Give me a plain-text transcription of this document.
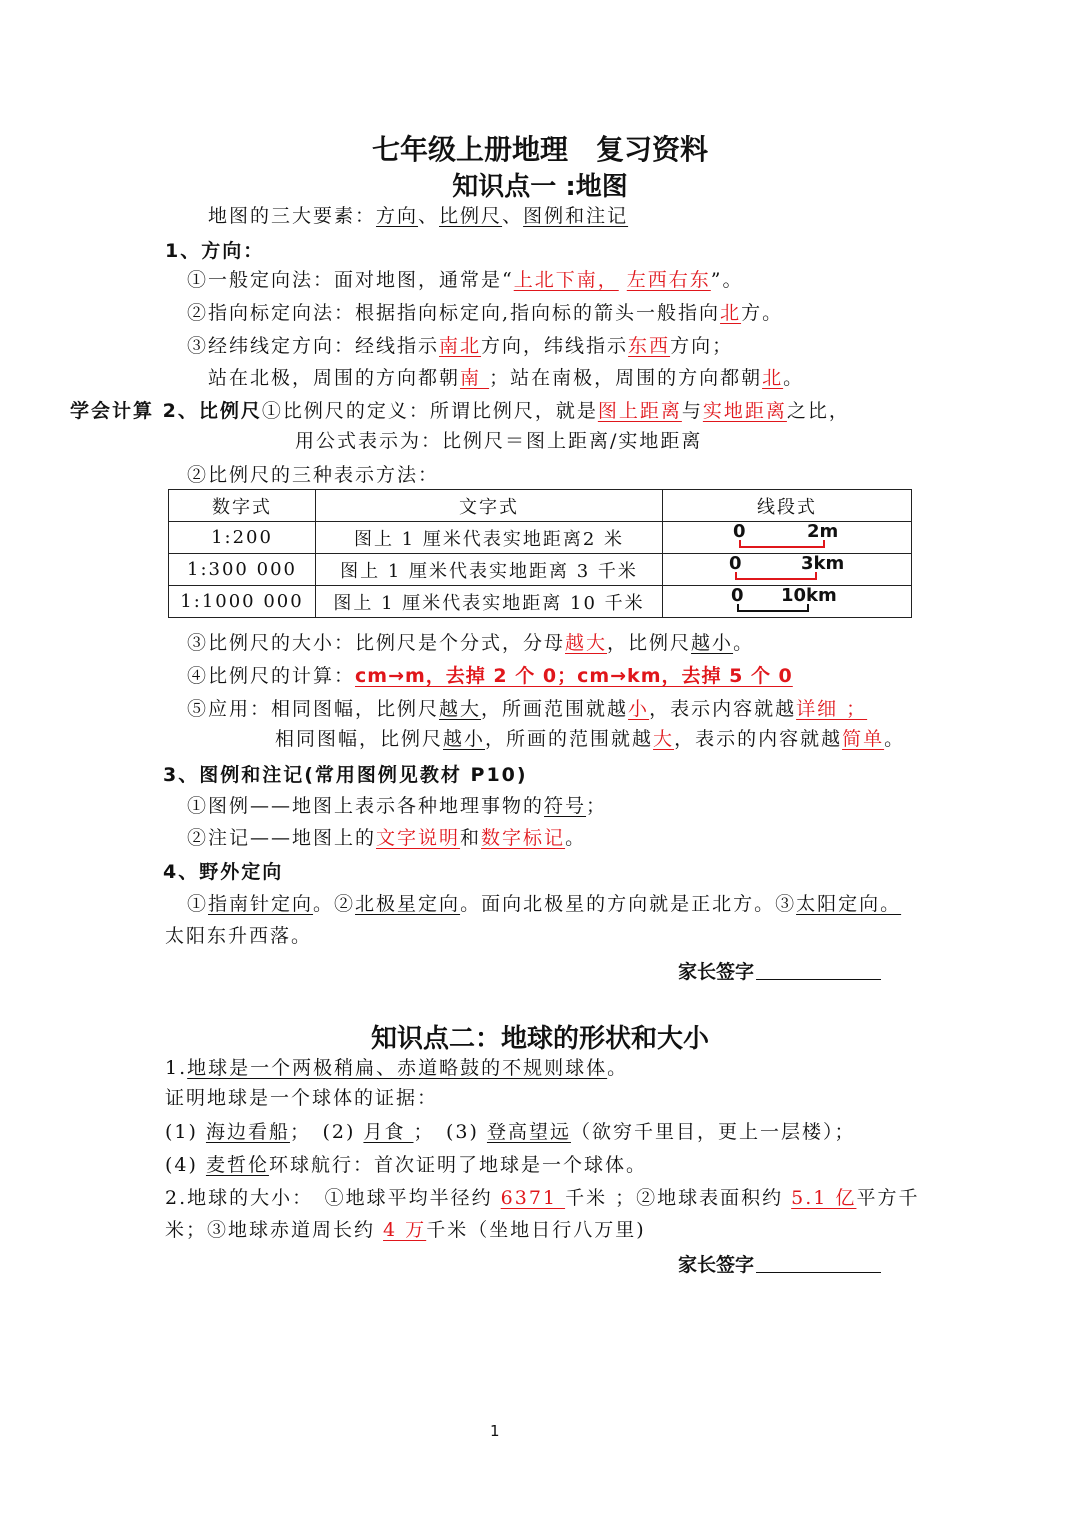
七年级上册地理　复习资料
知识点一 :地图
地图的三大要素：方向、比例尺、图例和注记
1、方向：
①一般定向法：面对地图，通常是“上北下南， 左西右东”。
②指向标定向法：根据指向标定向,指向标的箭头一般指向北方。
③经纬线定方向：经线指示南北方向，纬线指示东西方向；
站在北极，周围的方向都朝南 ；站在南极，周围的方向都朝北。
学会计算 2、比例尺①比例尺的定义：所谓比例尺，就是图上距离与实地距离之比，
用公式表示为：比例尺＝图上距离/实地距离
②比例尺的三种表示方法：
数字式	文字式	线段式
1:200	图上 1 厘米代表实地距离2 米	0 2m

1:300 000	图上 1 厘米代表实地距离 3 千米	0 3km

1:1000 000	图上 1 厘米代表实地距离 10 千米	0 10km
③比例尺的大小：比例尺是个分式，分母越大，比例尺越小。
④比例尺的计算：cm→m，去掉 2 个 0；cm→km，去掉 5 个 0
⑤应用：相同图幅，比例尺越大，所画范围就越小，表示内容就越详细 ；
相同图幅，比例尺越小，所画的范围就越大，表示的内容就越简单。
3、图例和注记(常用图例见教材 P10)
①图例——地图上表示各种地理事物的符号；
②注记——地图上的文字说明和数字标记。
4、野外定向
①指南针定向。②北极星定向。面向北极星的方向就是正北方。③太阳定向。
太阳东升西落。
家长签字
知识点二：地球的形状和大小
1.地球是一个两极稍扁、赤道略鼓的不规则球体。
证明地球是一个球体的证据：
(1) 海边看船；　(2) 月食 ；　(3) 登高望远（欲穷千里目，更上一层楼）；
(4) 麦哲伦环球航行：首次证明了地球是一个球体。
2.地球的大小：　①地球平均半径约 6371 千米 ；②地球表面积约 5.1 亿平方千
米；③地球赤道周长约 4 万千米（坐地日行八万里)
家长签字
1
